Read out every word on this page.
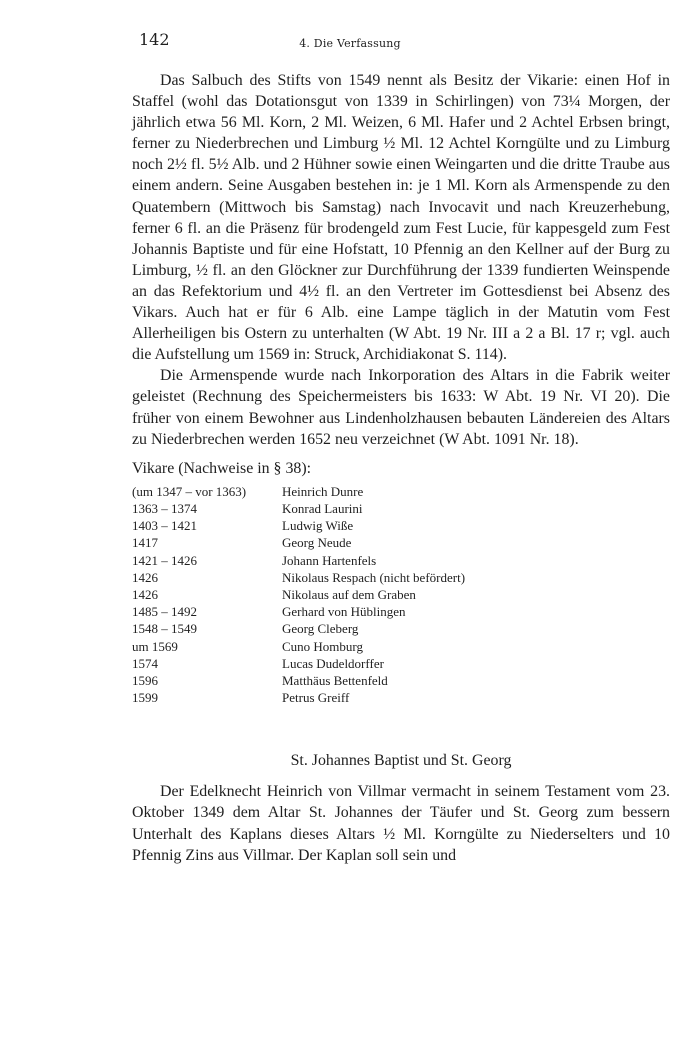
142	4. Die Verfassung

Das Salbuch des Stifts von 1549 nennt als Besitz der Vikarie: einen Hof in Staffel (wohl das Dotationsgut von 1339 in Schirlingen) von 73¼ Morgen, der jährlich etwa 56 Ml. Korn, 2 Ml. Weizen, 6 Ml. Hafer und 2 Achtel Erbsen bringt, ferner zu Niederbrechen und Limburg ½ Ml. 12 Achtel Korngülte und zu Limburg noch 2½ fl. 5½ Alb. und 2 Hühner sowie einen Weingarten und die dritte Traube aus einem andern. Seine Ausgaben bestehen in: je 1 Ml. Korn als Armenspende zu den Quatembern (Mittwoch bis Samstag) nach Invocavit und nach Kreuzerhebung, ferner 6 fl. an die Präsenz für brodengeld zum Fest Lucie, für kappesgeld zum Fest Johannis Baptiste und für eine Hofstatt, 10 Pfennig an den Kellner auf der Burg zu Limburg, ½ fl. an den Glöckner zur Durchführung der 1339 fundierten Weinspende an das Refektorium und 4½ fl. an den Vertreter im Gottesdienst bei Absenz des Vikars. Auch hat er für 6 Alb. eine Lampe täglich in der Matutin vom Fest Allerheiligen bis Ostern zu unterhalten (W Abt. 19 Nr. III a 2 a Bl. 17 r; vgl. auch die Aufstellung um 1569 in: Struck, Archidiakonat S. 114).

Die Armenspende wurde nach Inkorporation des Altars in die Fabrik weiter geleistet (Rechnung des Speichermeisters bis 1633: W Abt. 19 Nr. VI 20). Die früher von einem Bewohner aus Lindenholzhausen bebauten Ländereien des Altars zu Niederbrechen werden 1652 neu verzeichnet (W Abt. 1091 Nr. 18).

Vikare (Nachweise in § 38):
(um 1347 – vor 1363)	Heinrich Dunre
1363 – 1374	Konrad Laurini
1403 – 1421	Ludwig Wiße
1417	Georg Neude
1421 – 1426	Johann Hartenfels
1426	Nikolaus Respach (nicht befördert)
1426	Nikolaus auf dem Graben
1485 – 1492	Gerhard von Hüblingen
1548 – 1549	Georg Cleberg
um 1569	Cuno Homburg
1574	Lucas Dudeldorffer
1596	Matthäus Bettenfeld
1599	Petrus Greiff
St. Johannes Baptist und St. Georg

Der Edelknecht Heinrich von Villmar vermacht in seinem Testament vom 23. Oktober 1349 dem Altar St. Johannes der Täufer und St. Georg zum bessern Unterhalt des Kaplans dieses Altars ½ Ml. Korngülte zu Niederselters und 10 Pfennig Zins aus Villmar. Der Kaplan soll sein und
